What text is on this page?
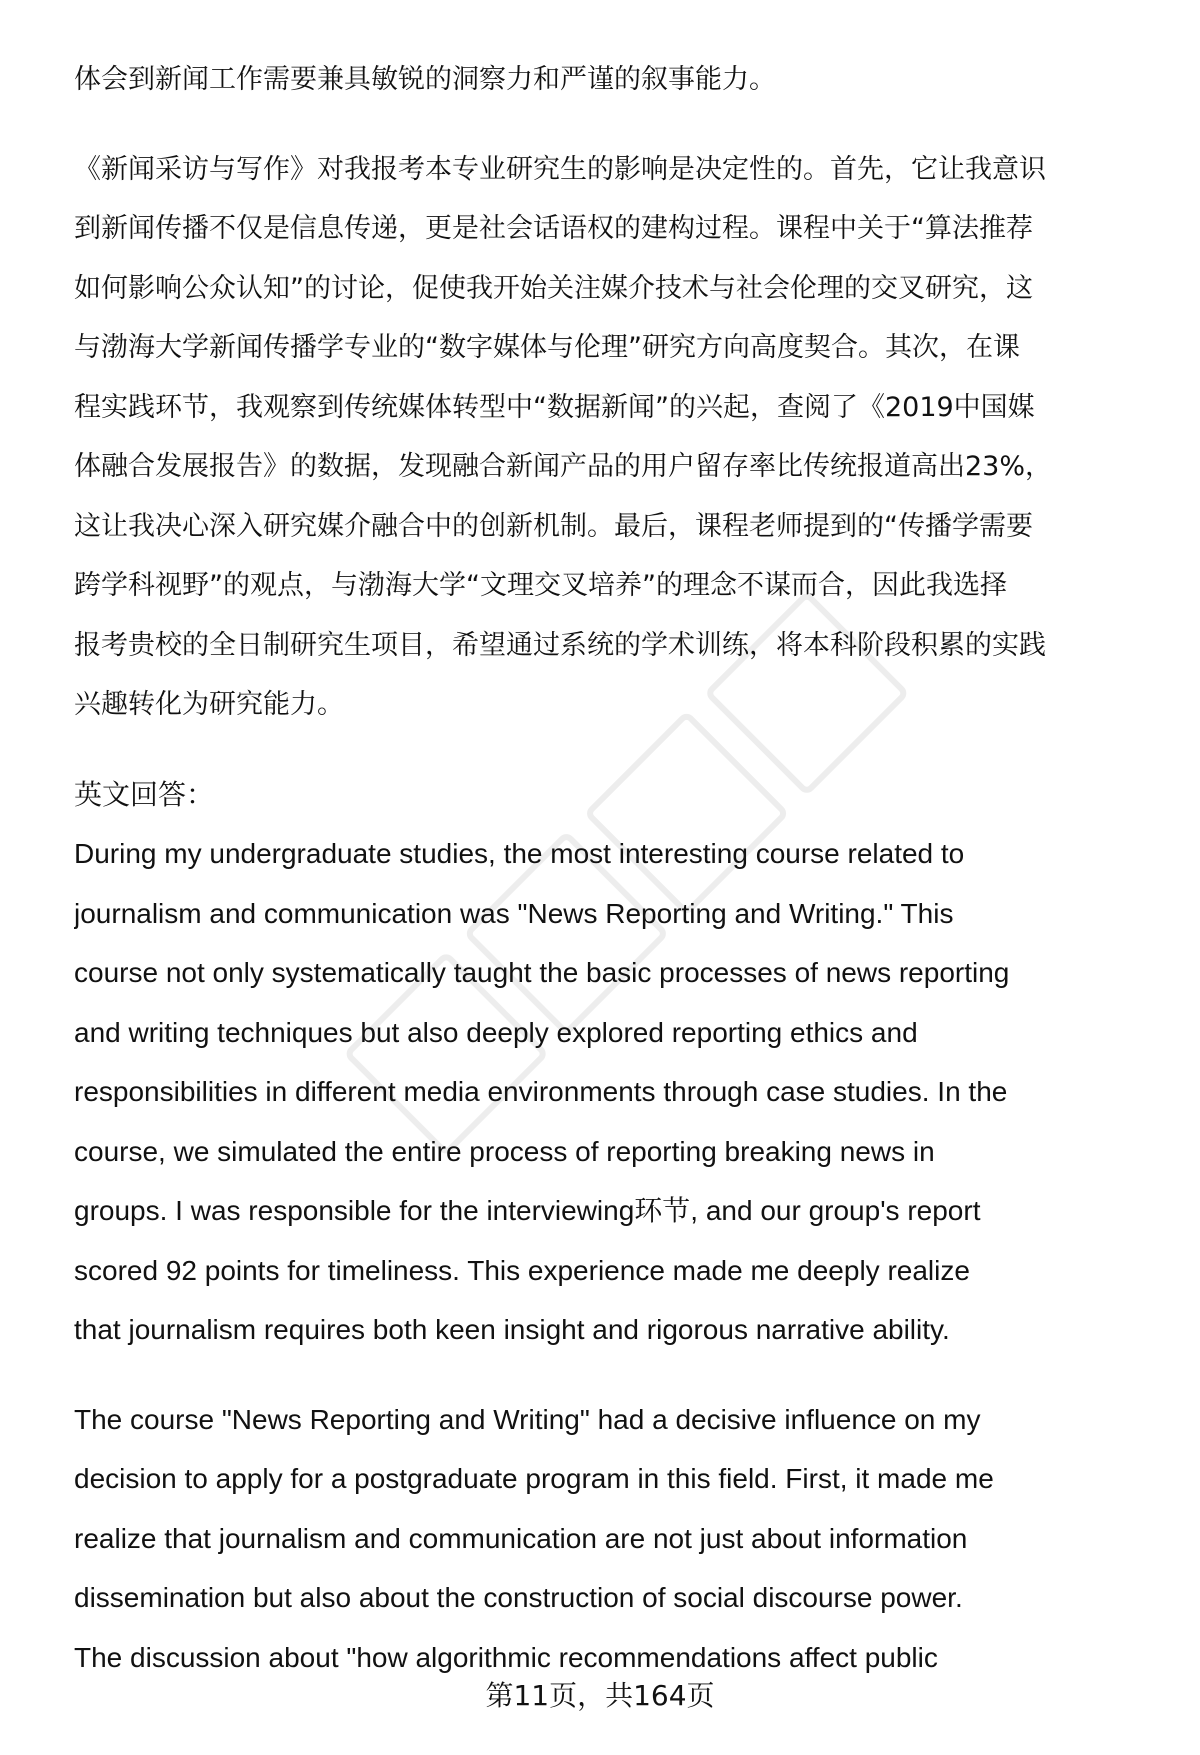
体会到新闻工作需要兼具敏锐的洞察力和严谨的叙事能力。
《新闻采访与写作》对我报考本专业研究生的影响是决定性的。首先，它让我意识
到新闻传播不仅是信息传递，更是社会话语权的建构过程。课程中关于“算法推荐
如何影响公众认知”的讨论，促使我开始关注媒介技术与社会伦理的交叉研究，这
与渤海大学新闻传播学专业的“数字媒体与伦理”研究方向高度契合。其次，在课
程实践环节，我观察到传统媒体转型中“数据新闻”的兴起，查阅了《2019中国媒
体融合发展报告》的数据，发现融合新闻产品的用户留存率比传统报道高出23%，
这让我决心深入研究媒介融合中的创新机制。最后，课程老师提到的“传播学需要
跨学科视野”的观点，与渤海大学“文理交叉培养”的理念不谋而合，因此我选择
报考贵校的全日制研究生项目，希望通过系统的学术训练，将本科阶段积累的实践
兴趣转化为研究能力。
英文回答：
During my undergraduate studies, the most interesting course related to
journalism and communication was "News Reporting and Writing." This
course not only systematically taught the basic processes of news reporting
and writing techniques but also deeply explored reporting ethics and
responsibilities in different media environments through case studies. In the
course, we simulated the entire process of reporting breaking news in
groups. I was responsible for the interviewing环节, and our group's report
scored 92 points for timeliness. This experience made me deeply realize
that journalism requires both keen insight and rigorous narrative ability.
The course "News Reporting and Writing" had a decisive influence on my
decision to apply for a postgraduate program in this field. First, it made me
realize that journalism and communication are not just about information
dissemination but also about the construction of social discourse power.
The discussion about "how algorithmic recommendations affect public
第11页，共164页
